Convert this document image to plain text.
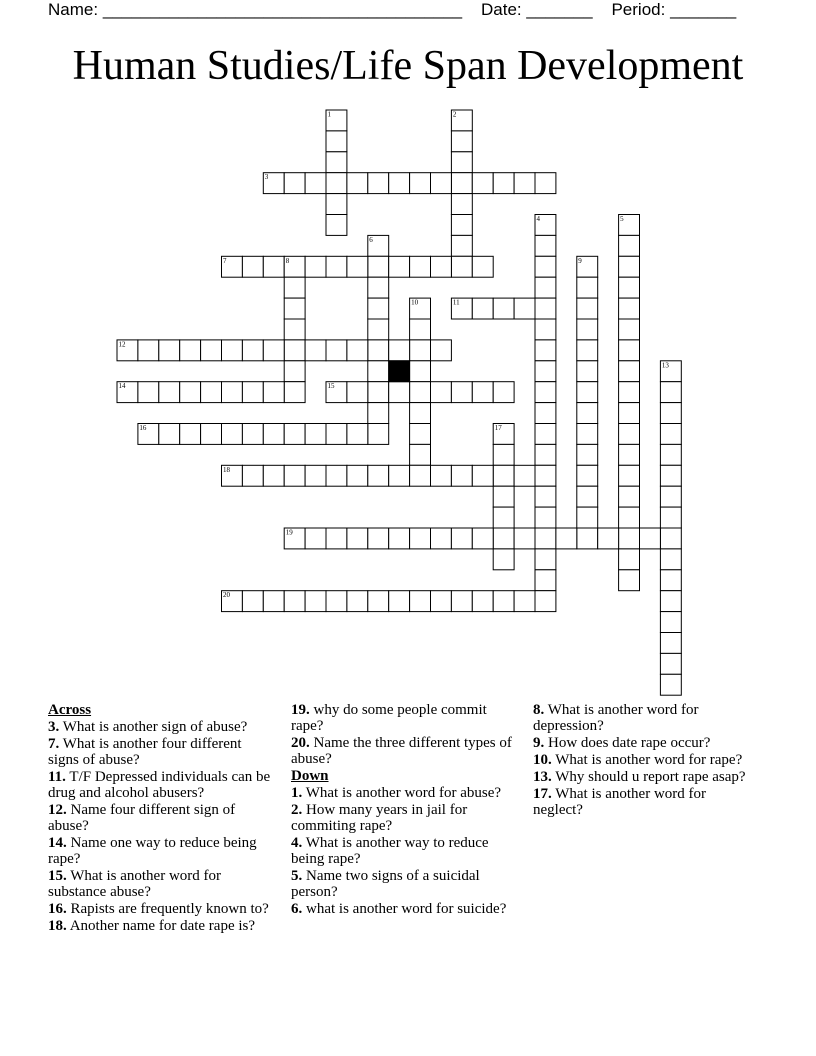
Name: ______________________________________ Date: _______ Period: _______
Human Studies/Life Span Development
1	2
3
4	5
6
7	8	9
10	11
12
13
14	15
16	17
18
19
20
Across
3. What is another sign of abuse?
7. What is another four different signs of abuse?
11. T/F Depressed individuals can be drug and alcohol abusers?
12. Name four different sign of abuse?
14. Name one way to reduce being rape?
15. What is another word for substance abuse?
16. Rapists are frequently known to?
18. Another name for date rape is?
19. why do some people commit rape?
20. Name the three different types of abuse?
Down
1. What is another word for abuse?
2. How many years in jail for commiting rape?
4. What is another way to reduce being rape?
5. Name two signs of a suicidal person?
6. what is another word for suicide?
8. What is another word for depression?
9. How does date rape occur?
10. What is another word for rape?
13. Why should u report rape asap?
17. What is another word for neglect?
